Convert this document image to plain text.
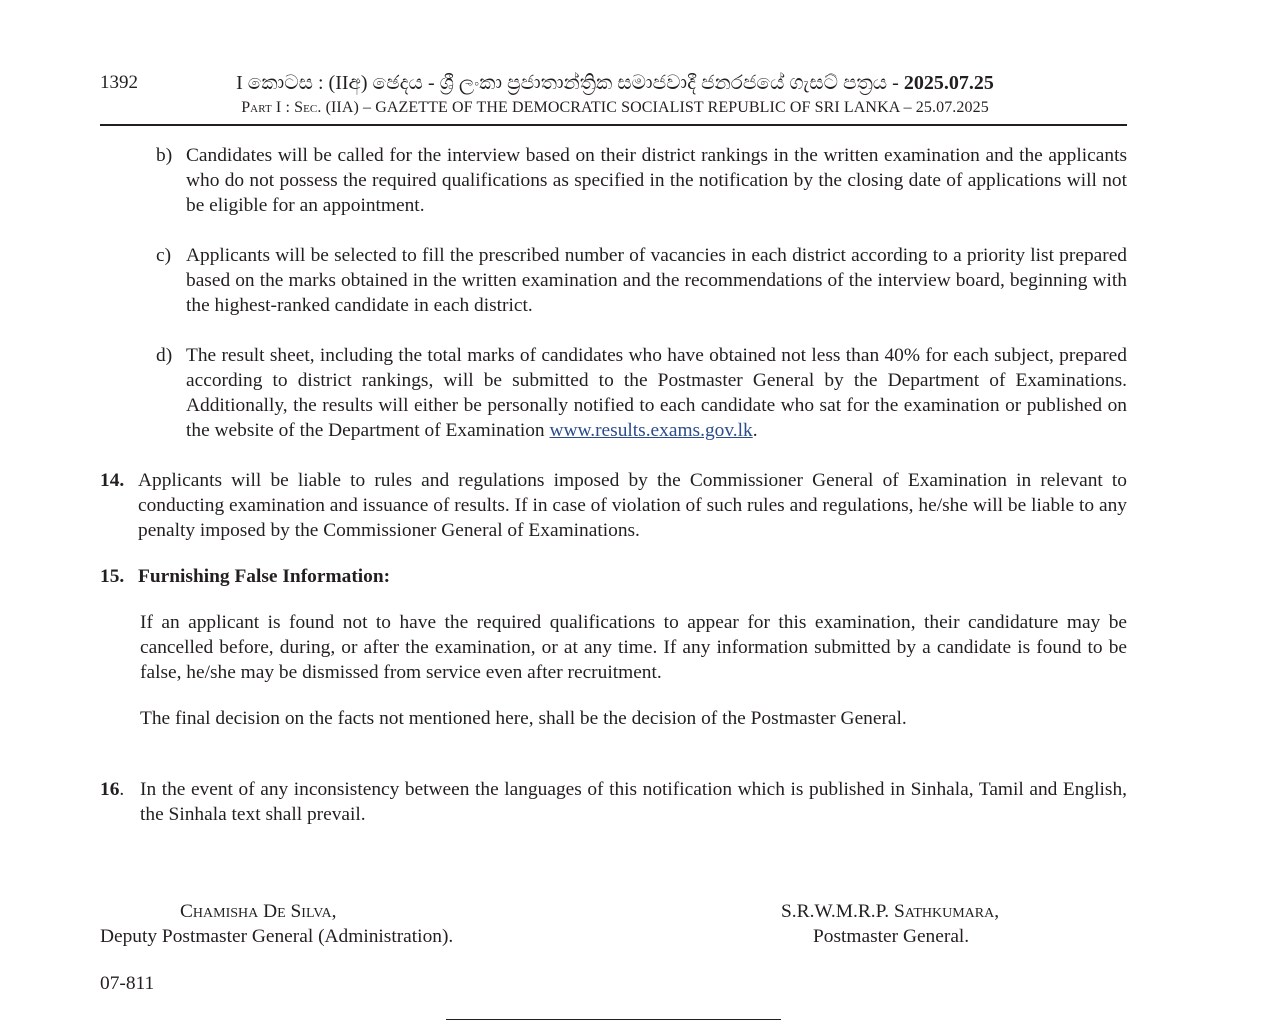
1392	I කොටස : (IIඅ) ඡෙදය - ශ්‍රී ලංකා ප්‍රජාතාන්ත්‍රික සමාජවාදී ජනරජයේ ගැසට් පත්‍රය - 2025.07.25
Part I : Sec. (IIA) – GAZETTE OF THE DEMOCRATIC SOCIALIST REPUBLIC OF SRI LANKA – 25.07.2025
b) Candidates will be called for the interview based on their district rankings in the written examination and the applicants who do not possess the required qualifications as specified in the notification by the closing date of applications will not be eligible for an appointment.
c) Applicants will be selected to fill the prescribed number of vacancies in each district according to a priority list prepared based on the marks obtained in the written examination and the recommendations of the interview board, beginning with the highest-ranked candidate in each district.
d) The result sheet, including the total marks of candidates who have obtained not less than 40% for each subject, prepared according to district rankings, will be submitted to the Postmaster General by the Department of Examinations. Additionally, the results will either be personally notified to each candidate who sat for the examination or published on the website of the Department of Examination www.results.exams.gov.lk.
14. Applicants will be liable to rules and regulations imposed by the Commissioner General of Examination in relevant to conducting examination and issuance of results. If in case of violation of such rules and regulations, he/she will be liable to any penalty imposed by the Commissioner General of Examinations.
15. Furnishing False Information:
If an applicant is found not to have the required qualifications to appear for this examination, their candidature may be cancelled before, during, or after the examination, or at any time. If any information submitted by a candidate is found to be false, he/she may be dismissed from service even after recruitment.
The final decision on the facts not mentioned here, shall be the decision of the Postmaster General.
16. In the event of any inconsistency between the languages of this notification which is published in Sinhala, Tamil and English, the Sinhala text shall prevail.
Chamisha De Silva,
Deputy Postmaster General (Administration).
S.R.W.M.R.P. Sathkumara,
Postmaster General.
07-811
